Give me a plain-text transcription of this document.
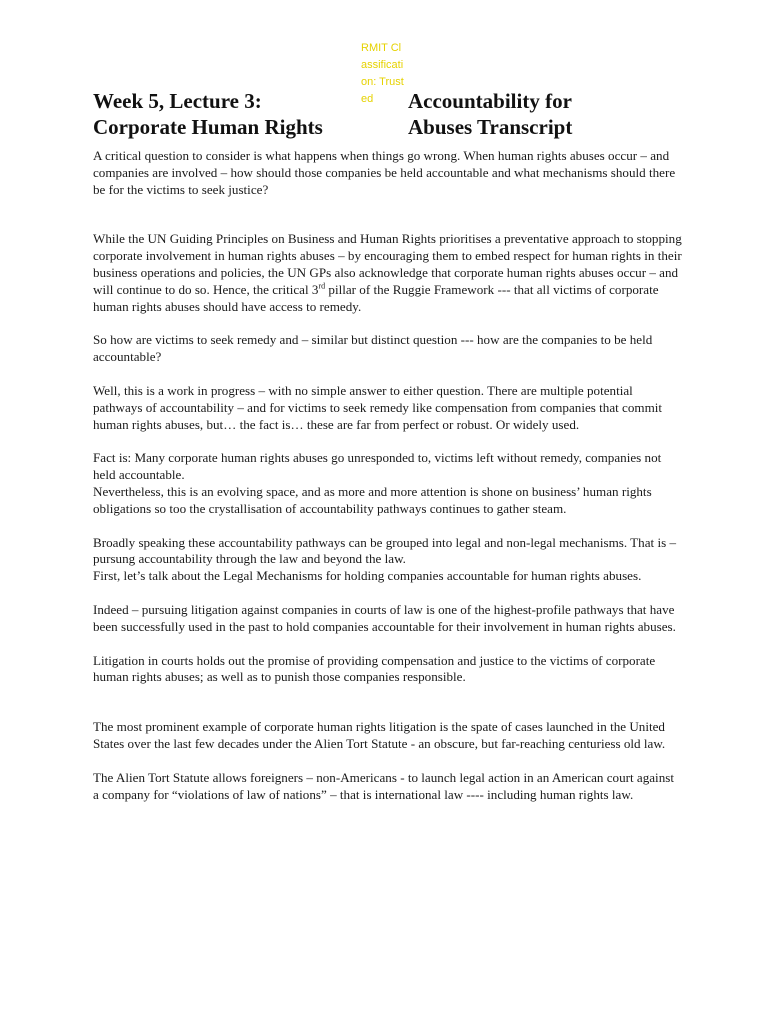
RMIT Classification: Trusted
Week 5, Lecture 3:
Corporate Human Rights
Accountability for
Abuses Transcript

A critical question to consider is what happens when things go wrong. When human rights abuses occur – and companies are involved – how should those companies be held accountable and what mechanisms should there be for the victims to seek justice?

While the UN Guiding Principles on Business and Human Rights prioritises a preventative approach to stopping corporate involvement in human rights abuses – by encouraging them to embed respect for human rights in their business operations and policies, the UN GPs also acknowledge that corporate human rights abuses occur – and will continue to do so. Hence, the critical 3rd pillar of the Ruggie Framework --- that all victims of corporate human rights abuses should have access to remedy.

So how are victims to seek remedy and – similar but distinct question --- how are the companies to be held accountable?

Well, this is a work in progress – with no simple answer to either question. There are multiple potential pathways of accountability – and for victims to seek remedy like compensation from companies that commit human rights abuses, but… the fact is… these are far from perfect or robust. Or widely used.

Fact is: Many corporate human rights abuses go unresponded to, victims left without remedy, companies not held accountable.

Nevertheless, this is an evolving space, and as more and more attention is shone on business’ human rights obligations so too the crystallisation of accountability pathways continues to gather steam.

Broadly speaking these accountability pathways can be grouped into legal and non-legal mechanisms. That is – pursung accountability through the law and beyond the law.

First, let’s talk about the Legal Mechanisms for holding companies accountable for human rights abuses.

Indeed – pursuing litigation against companies in courts of law is one of the highest-profile pathways that have been successfully used in the past to hold companies accountable for their involvement in human rights abuses.

Litigation in courts holds out the promise of providing compensation and justice to the victims of corporate human rights abuses; as well as to punish those companies responsible.

The most prominent example of corporate human rights litigation is the spate of cases launched in the United States over the last few decades under the Alien Tort Statute - an obscure, but far-reaching centuriess old law.

The Alien Tort Statute allows foreigners – non-Americans - to launch legal action in an American court against a company for “violations of law of nations” – that is international law ---- including human rights law.
